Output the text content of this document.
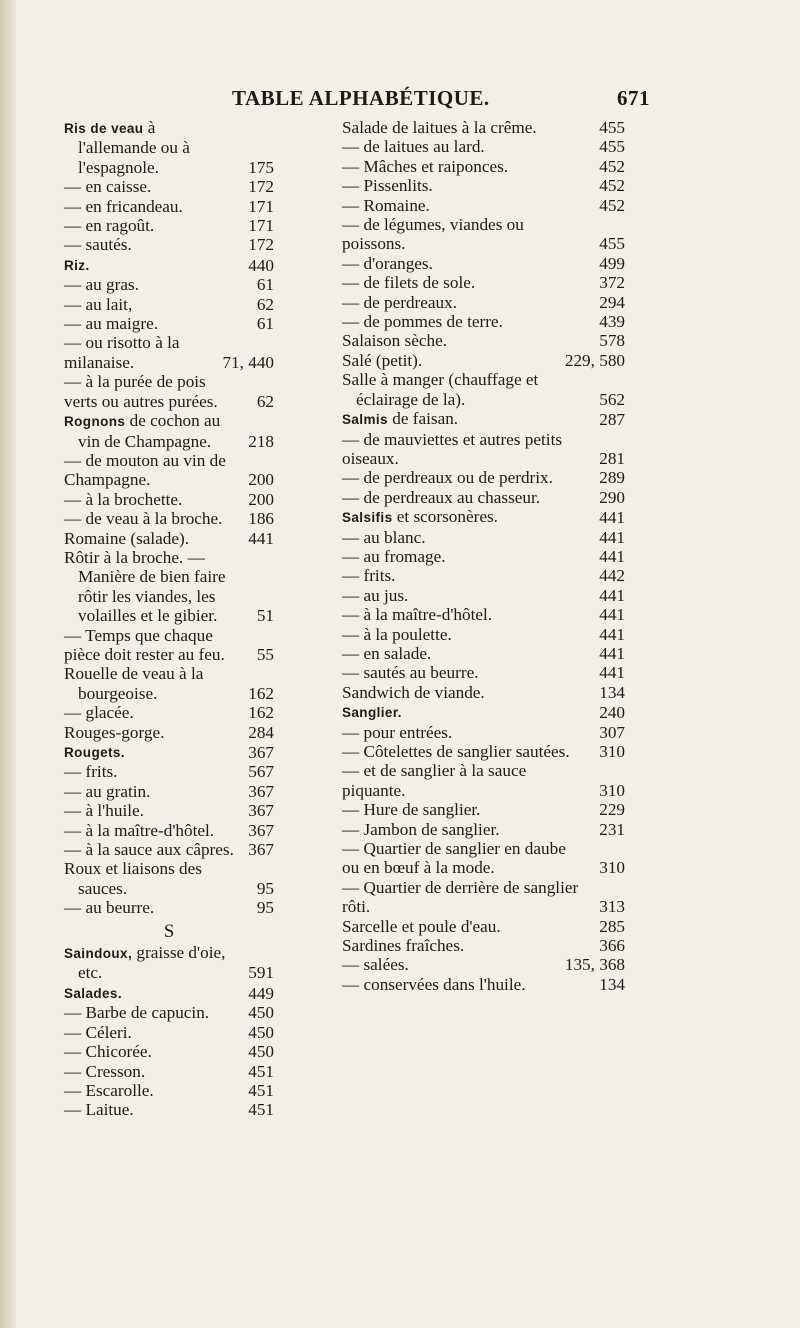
TABLE ALPHABÉTIQUE.	671
Ris de veau à l'allemande ou à l'espagnole.	175
— en caisse.	172
— en fricandeau.	171
— en ragoût.	171
— sautés.	172
Riz.	440
— au gras.	61
— au lait,	62
— au maigre.	61
— ou risotto à la milanaise.	71, 440
— à la purée de pois verts ou autres purées.	62
Rognons de cochon au vin de Champagne.	218
— de mouton au vin de Champagne.	200
— à la brochette.	200
— de veau à la broche.	186
Romaine (salade).	441
Rôtir à la broche. — Manière de bien faire rôtir les viandes, les volailles et le gibier.	51
— Temps que chaque pièce doit rester au feu.	55
Rouelle de veau à la bourgeoise.	162
— glacée.	162
Rouges-gorge.	284
Rougets.	367
— frits.	567
— au gratin.	367
— à l'huile.	367
— à la maître-d'hôtel.	367
— à la sauce aux câpres. 367
Roux et liaisons des sauces.	95
— au beurre.	95
S
Saindoux, graisse d'oie, etc.	591
Salades.	449
— Barbe de capucin.	450
— Céleri.	450
— Chicorée.	450
— Cresson.	451
— Escarolle.	451
— Laitue.	451
Salade de laitues à la crême.	455
— de laitues au lard.	455
— Mâches et raiponces.	452
— Pissenlits.	452
— Romaine.	452
— de légumes, viandes ou poissons.	455
— d'oranges.	499
— de filets de sole.	372
— de perdreaux.	294
— de pommes de terre.	439
Salaison sèche.	578
Salé (petit).	229, 580
Salle à manger (chauffage et éclairage de la).	562
Salmis de faisan.	287
— de mauviettes et autres petits oiseaux.	281
— de perdreaux ou de perdrix.	289
— de perdreaux au chasseur.	290
Salsifis et scorsonères.	441
— au blanc.	441
— au fromage.	441
— frits.	442
— au jus.	441
— à la maître-d'hôtel.	441
— à la poulette.	441
— en salade.	441
— sautés au beurre.	441
Sandwich de viande.	134
Sanglier.	240
— pour entrées.	307
— Côtelettes de sanglier sautées.	310
— et de sanglier à la sauce piquante.	310
— Hure de sanglier.	229
— Jambon de sanglier.	231
— Quartier de sanglier en daube ou en bœuf à la mode.	310
— Quartier de derrière de sanglier rôti.	313
Sarcelle et poule d'eau.	285
Sardines fraîches.	366
— salées.	135, 368
— conservées dans l'huile.	134
